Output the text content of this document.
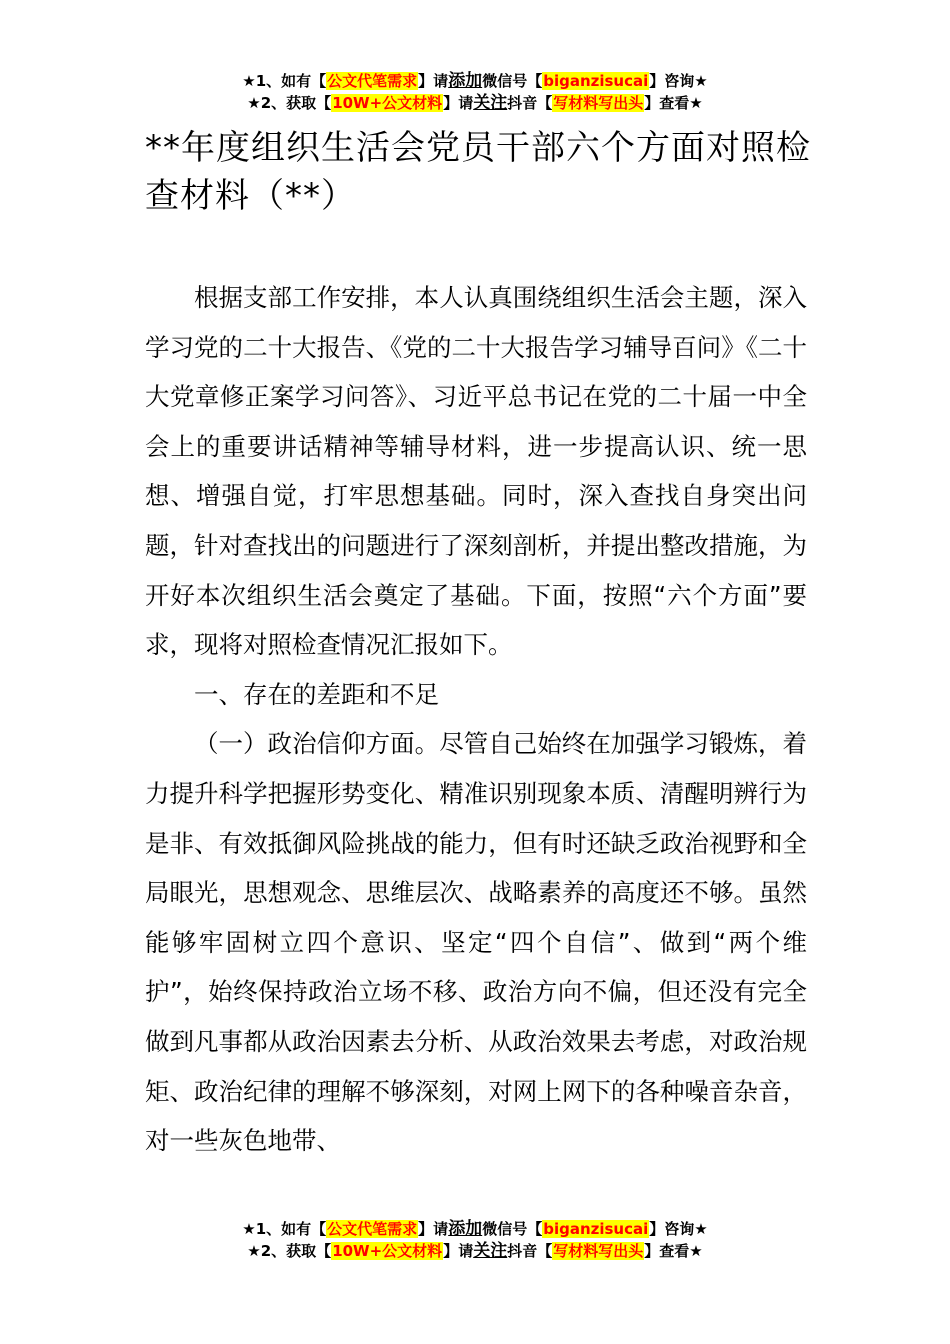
★1、如有【公文代笔需求】请添加微信号【biganzisucai】咨询★
★2、获取【10W+公文材料】请关注抖音【写材料写出头】查看★
**年度组织生活会党员干部六个方面对照检查材料（**）

根据支部工作安排，本人认真围绕组织生活会主题，深入学习党的二十大报告、《党的二十大报告学习辅导百问》《二十大党章修正案学习问答》、习近平总书记在党的二十届一中全会上的重要讲话精神等辅导材料，进一步提高认识、统一思想、增强自觉，打牢思想基础。同时，深入查找自身突出问题，针对查找出的问题进行了深刻剖析，并提出整改措施，为开好本次组织生活会奠定了基础。下面，按照“六个方面”要求，现将对照检查情况汇报如下。

一、存在的差距和不足

（一）政治信仰方面。尽管自己始终在加强学习锻炼，着力提升科学把握形势变化、精准识别现象本质、清醒明辨行为是非、有效抵御风险挑战的能力，但有时还缺乏政治视野和全局眼光，思想观念、思维层次、战略素养的高度还不够。虽然能够牢固树立四个意识、坚定“四个自信”、做到“两个维护”，始终保持政治立场不移、政治方向不偏，但还没有完全做到凡事都从政治因素去分析、从政治效果去考虑，对政治规矩、政治纪律的理解不够深刻，对网上网下的各种噪音杂音，对一些灰色地带、

★1、如有【公文代笔需求】请添加微信号【biganzisucai】咨询★
★2、获取【10W+公文材料】请关注抖音【写材料写出头】查看★
